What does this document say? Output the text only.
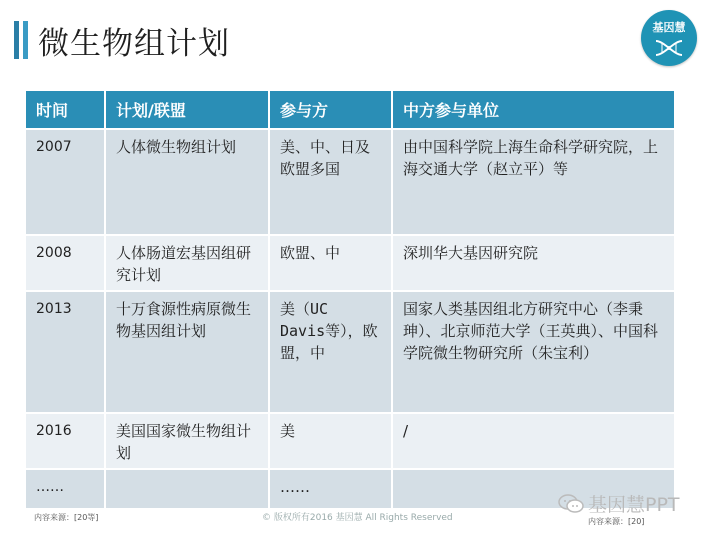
微生物组计划	基因慧
时间	计划/联盟	参与方	中方参与单位
2007	人体微生物组计划	美、中、日及欧盟多国	由中国科学院上海生命科学研究院，上海交通大学（赵立平）等
2008	人体肠道宏基因组研究计划	欧盟、中	深圳华大基因研究院
2013	十万食源性病原微生物基因组计划	美（UC Davis等），欧盟，中	国家人类基因组北方研究中心（李秉珅）、北京师范大学（王英典）、中国科学院微生物研究所（朱宝利）
2016	美国国家微生物组计划	美	/
……		……	
内容来源：[20等]	© 版权所有2016 基因慧 All Rights Reserved
基因慧PPT
内容来源：[20]
